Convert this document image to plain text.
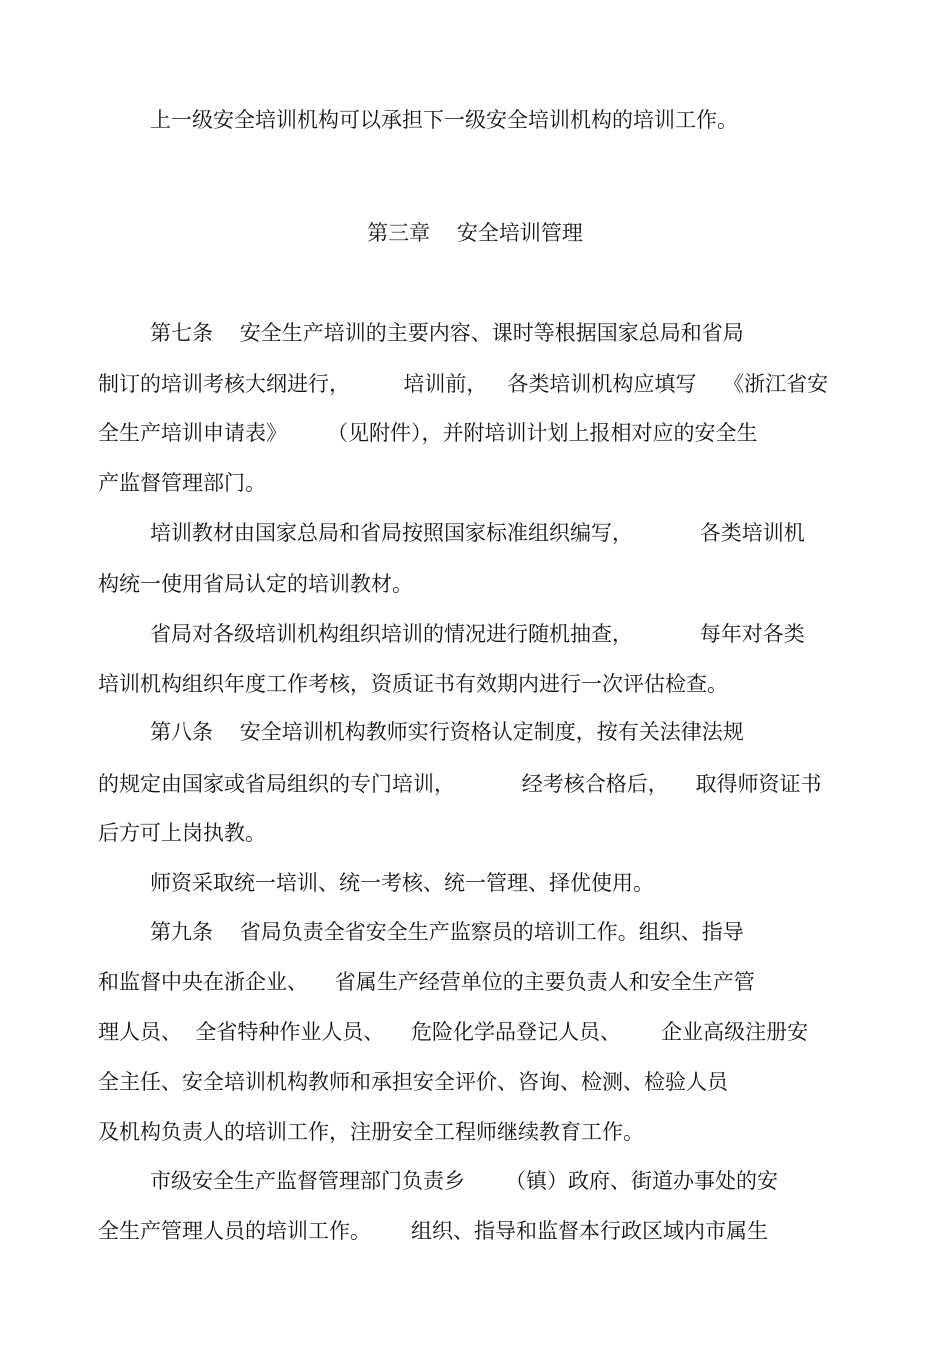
上一级安全培训机构可以承担下一级安全培训机构的培训工作。

第三章    安全培训管理

第七条    安全生产培训的主要内容、课时等根据国家总局和省局

制订的培训考核大纲进行，        培训前，   各类培训机构应填写    《浙江省安

全生产培训申请表》      （见附件），并附培训计划上报相对应的安全生

产监督管理部门。

培训教材由国家总局和省局按照国家标准组织编写，          各类培训机

构统一使用省局认定的培训教材。

省局对各级培训机构组织培训的情况进行随机抽查，          每年对各类

培训机构组织年度工作考核，资质证书有效期内进行一次评估检查。

第八条    安全培训机构教师实行资格认定制度，按有关法律法规

的规定由国家或省局组织的专门培训，          经考核合格后，    取得师资证书

后方可上岗执教。

师资采取统一培训、统一考核、统一管理、择优使用。

第九条    省局负责全省安全生产监察员的培训工作。组织、指导

和监督中央在浙企业、    省属生产经营单位的主要负责人和安全生产管

理人员、  全省特种作业人员、    危险化学品登记人员、      企业高级注册安

全主任、安全培训机构教师和承担安全评价、咨询、检测、检验人员

及机构负责人的培训工作，注册安全工程师继续教育工作。

市级安全生产监督管理部门负责乡      （镇）政府、街道办事处的安

全生产管理人员的培训工作。      组织、指导和监督本行政区域内市属生
